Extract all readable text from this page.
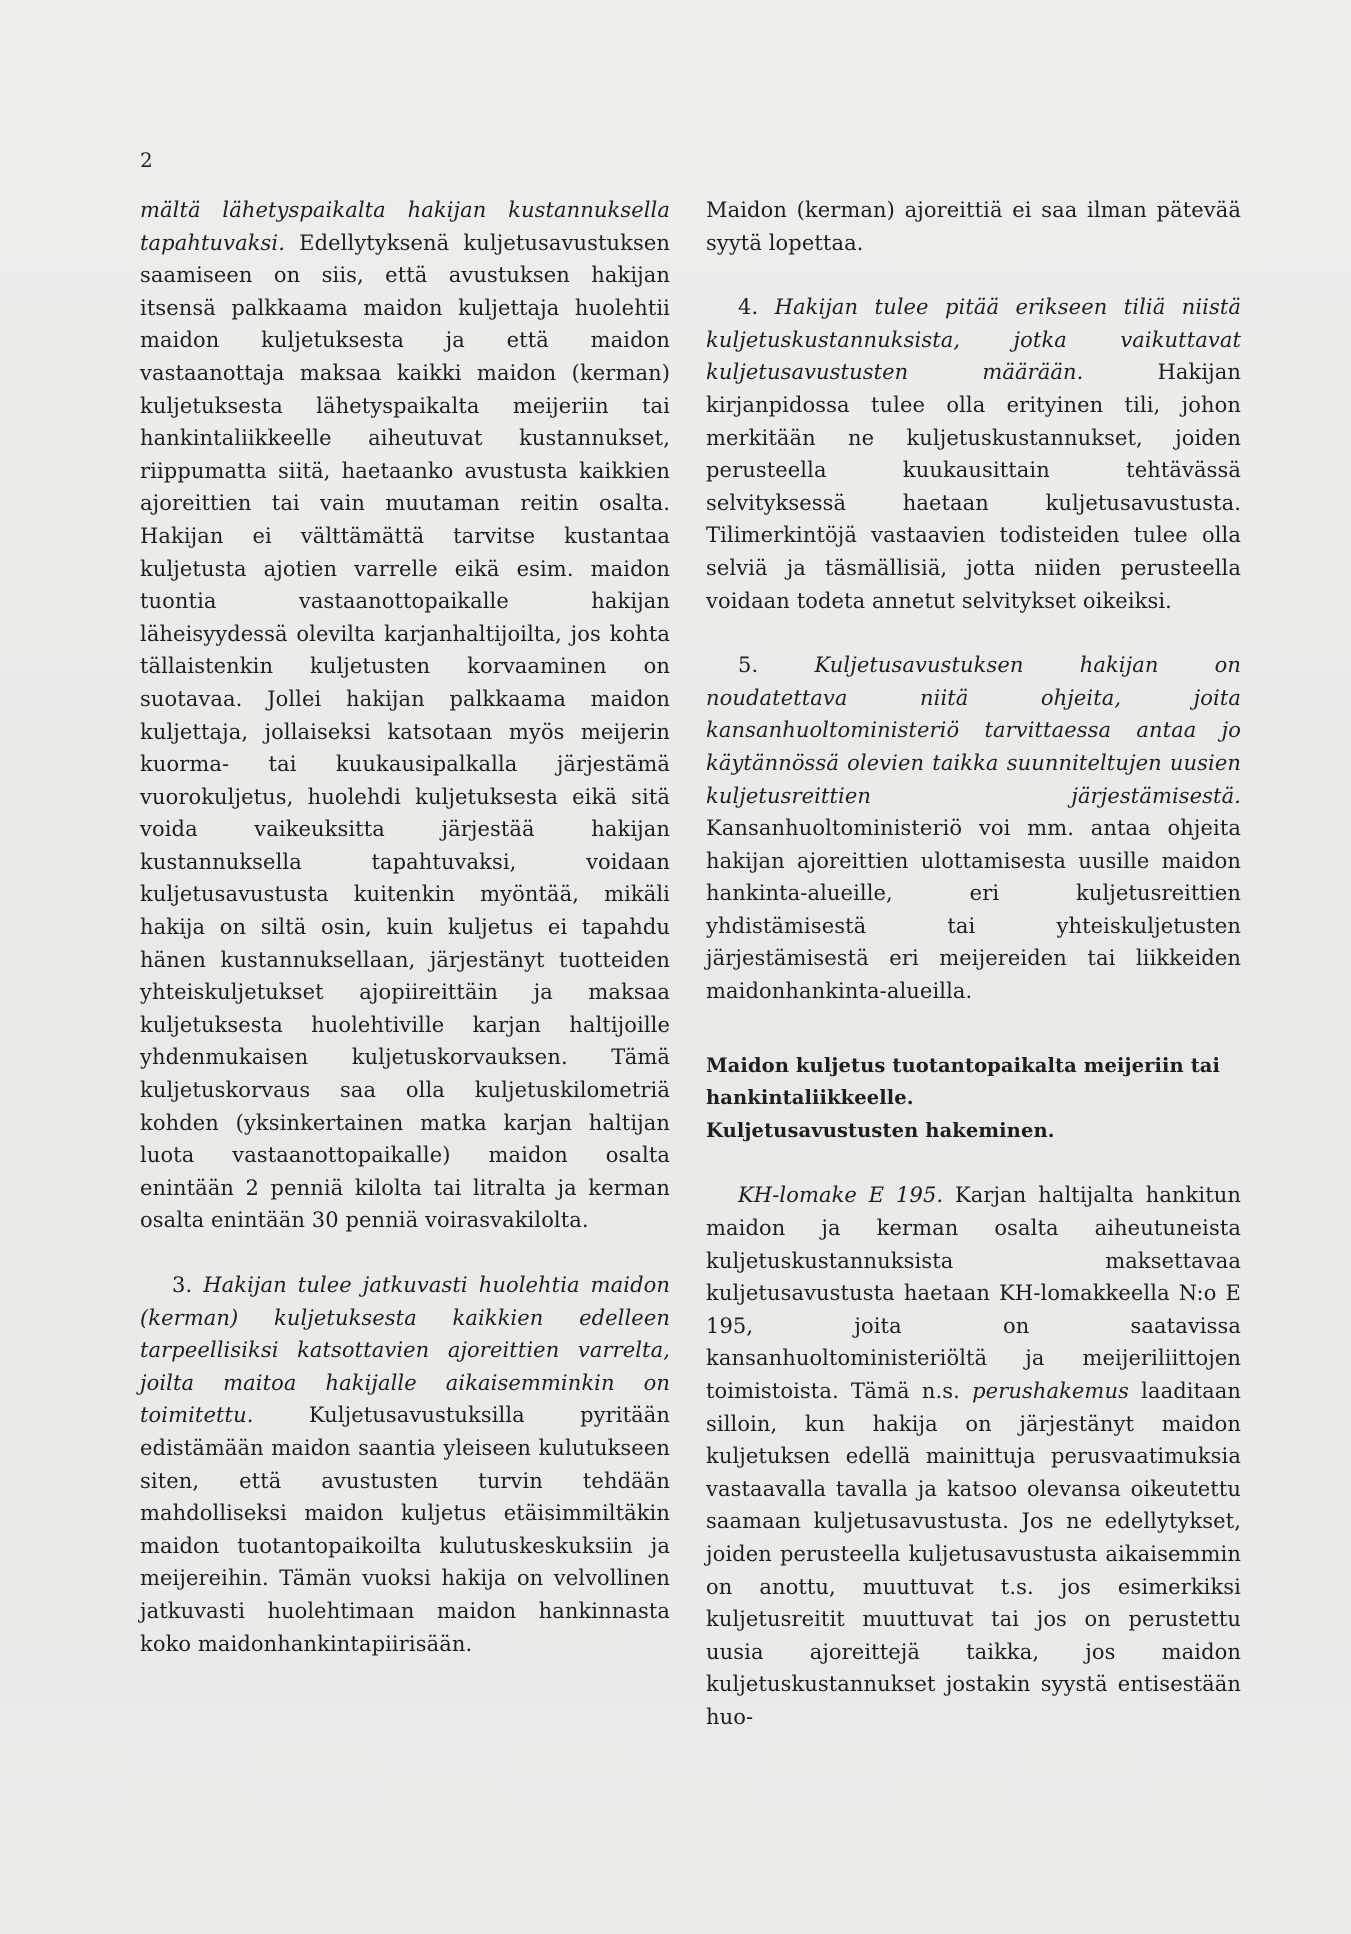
2

mältä lähetyspaikalta hakijan kustannuksella tapahtuvaksi. Edellytyksenä kuljetusavustuksen saamiseen on siis, että avustuksen hakijan itsensä palkkaama maidon kuljettaja huolehtii maidon kuljetuksesta ja että maidon vastaanottaja maksaa kaikki maidon (kerman) kuljetuksesta lähetyspaikalta meijeriin tai hankintaliikkeelle aiheutuvat kustannukset, riippumatta siitä, haetaanko avustusta kaikkien ajoreittien tai vain muutaman reitin osalta. Hakijan ei välttämättä tarvitse kustantaa kuljetusta ajotien varrelle eikä esim. maidon tuontia vastaanottopaikalle hakijan läheisyydessä olevilta karjanhaltijoilta, jos kohta tällaistenkin kuljetusten korvaaminen on suotavaa. Jollei hakijan palkkaama maidon kuljettaja, jollaiseksi katsotaan myös meijerin kuorma- tai kuukausipalkalla järjestämä vuorokuljetus, huolehdi kuljetuksesta eikä sitä voida vaikeuksitta järjestää hakijan kustannuksella tapahtuvaksi, voidaan kuljetusavustusta kuitenkin myöntää, mikäli hakija on siltä osin, kuin kuljetus ei tapahdu hänen kustannuksellaan, järjestänyt tuotteiden yhteiskuljetukset ajopiireittäin ja maksaa kuljetuksesta huolehtiville karjan haltijoille yhdenmukaisen kuljetuskorvauksen. Tämä kuljetuskorvaus saa olla kuljetuskilometriä kohden (yksinkertainen matka karjan haltijan luota vastaanottopaikalle) maidon osalta enintään 2 penniä kilolta tai litralta ja kerman osalta enintään 30 penniä voirasvakilolta.

3. Hakijan tulee jatkuvasti huolehtia maidon (kerman) kuljetuksesta kaikkien edelleen tarpeellisiksi katsottavien ajoreittien varrelta, joilta maitoa hakijalle aikaisemminkin on toimitettu. Kuljetusavustuksilla pyritään edistämään maidon saantia yleiseen kulutukseen siten, että avustusten turvin tehdään mahdolliseksi maidon kuljetus etäisimmiltäkin maidon tuotantopaikoilta kulutuskeskuksiin ja meijereihin. Tämän vuoksi hakija on velvollinen jatkuvasti huolehtimaan maidon hankinnasta koko maidonhankintapiirisään.

Maidon (kerman) ajoreittiä ei saa ilman pätevää syytä lopettaa.

4. Hakijan tulee pitää erikseen tiliä niistä kuljetuskustannuksista, jotka vaikuttavat kuljetusavustusten määrään. Hakijan kirjanpidossa tulee olla erityinen tili, johon merkitään ne kuljetuskustannukset, joiden perusteella kuukausittain tehtävässä selvityksessä haetaan kuljetusavustusta. Tilimerkintöjä vastaavien todisteiden tulee olla selviä ja täsmällisiä, jotta niiden perusteella voidaan todeta annetut selvitykset oikeiksi.

5.	Kuljetusavustuksen hakijan on noudatettava niitä ohjeita, joita kansanhuoltoministeriö tarvittaessa antaa jo käytännössä olevien taikka suunniteltujen uusien kuljetusreittien järjestämisestä. Kansanhuoltoministeriö voi mm. antaa ohjeita hakijan ajoreittien ulottamisesta uusille maidon hankinta-alueille, eri kuljetusreittien yhdistämisestä tai yhteiskuljetusten järjestämisestä eri meijereiden tai liikkeiden maidonhankinta-alueilla.

Maidon kuljetus tuotantopaikalta meijeriin tai hankintaliikkeelle.
Kuljetusavustusten hakeminen.

KH-lomake E 195. Karjan haltijalta hankitun maidon ja kerman osalta aiheutuneista kuljetuskustannuksista maksettavaa kuljetusavustusta haetaan KH-lomakkeella N:o E 195, joita on saatavissa kansanhuoltoministeriöltä ja meijeriliittojen toimistoista. Tämä n.s. perushakemus laaditaan silloin, kun hakija on järjestänyt maidon kuljetuksen edellä mainittuja perusvaatimuksia vastaavalla tavalla ja katsoo olevansa oikeutettu saamaan kuljetusavustusta. Jos ne edellytykset, joiden perusteella kuljetusavustusta aikaisemmin on anottu, muuttuvat t.s. jos esimerkiksi kuljetusreitit muuttuvat tai jos on perustettu uusia ajoreittejä taikka, jos maidon kuljetuskustannukset jostakin syystä entisestään huo-
